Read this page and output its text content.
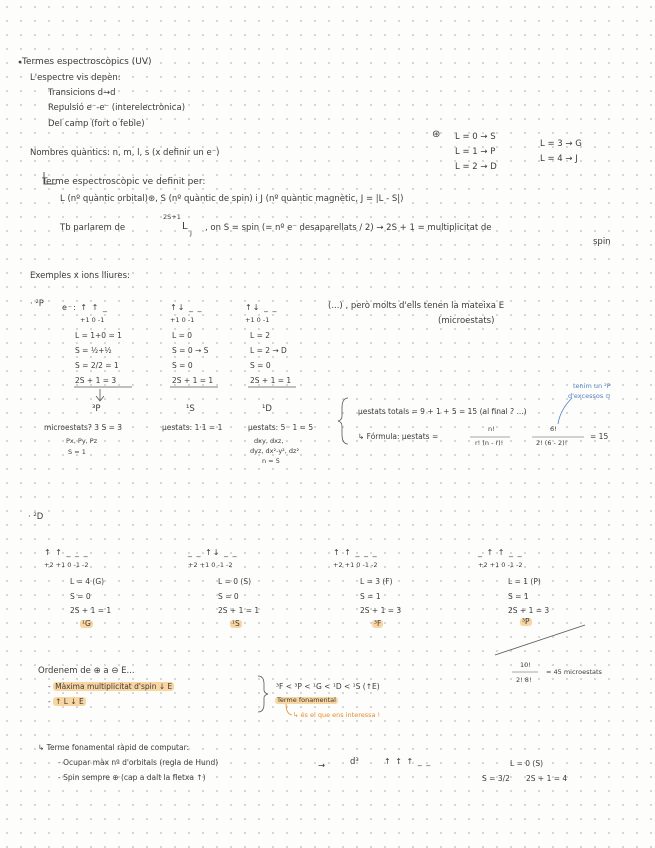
Termes espectroscòpics (UV)
L'espectre vis depèn:
Transicions d→d
Repulsió e⁻-e⁻ (interelectrònica)
Del camp (fort o feble)
Nombres quàntics: n, m, l, s (x definir un e⁻)
⊛ L = 0 → S
L = 1 → P
L = 2 → D
L = 3 → G
L = 4 → J
Terme espectroscòpic ve definit per:
L (nº quàntic orbital)⊛, S (nº quàntic de spin) i J (nº quàntic magnètic, J = |L - S|)
Tb parlarem de
2S+1
L
J , on S = spin (= nº e⁻ desaparellats / 2) → 2S + 1 = multiplicitat de
spin
Exemples x ions lliures:
· ²P	(...) , però molts d'ells tenen la mateixa E
(microestats)
e⁻: ↑ ↑ _
+1 0 -1
L = 1+0 = 1
S = ½+½
S = 2/2 = 1
2S + 1 = 3
³P
↑↓ _ _
+1 0 -1
L = 0
S = 0 → S
S = 0
2S + 1 = 1
¹S
↑↓ _ _
+1 0 -1
L = 2
L = 2 → D
S = 0
2S + 1 = 1
¹D
microestats? 3 S = 3
Px, Py, Pz
S = 1
µestats: 1·1 = 1	µestats: 5 · 1 = 5
dxy, dxz,
dyz, dx²-y², dz²
n = 5
µestats totals = 9 + 1 + 5 = 15 (al final ? ...)
↳ Fórmula: µestats =
n!
r! (n - r)!
6!
2! (6 - 2)!
= 15
tenim un ²P
d'excessos ⊙
· ²D
↑ ↑ _ _ _
+2 +1 0 -1 -2
L = 4 (G)
S = 0
2S + 1 = 1
¹G
_ _ ↑↓ _ _
+2 +1 0 -1 -2
L = 0 (S)
S = 0
2S + 1 = 1
¹S
↑ ↑ _ _ _
+2 +1 0 -1 -2
L = 3 (F)
S = 1
2S + 1 = 3
³F
_ ↑ ↑ _ _
+2 +1 0 -1 -2
L = 1 (P)
S = 1
2S + 1 = 3
³P
10!
2! 8!
= 45 microestats
Ordenem de ⊕ a ⊖ E...
- Màxima multiplicitat d'spin ↓ E
- ↑ L ↓ E
³F < ³P < ¹G < ¹D < ¹S (↑E)
Terme fonamental
↳ és el que ens interessa !
↳ Terme fonamental ràpid de computar:
- Ocupar màx nº d'orbitals (regla de Hund)
- Spin sempre ⊕ (cap a dalt la fletxa ↑)
→	d³	↑ ↑ ↑ _ _	L = 0 (S)
S = 3/2 2S + 1 = 4
